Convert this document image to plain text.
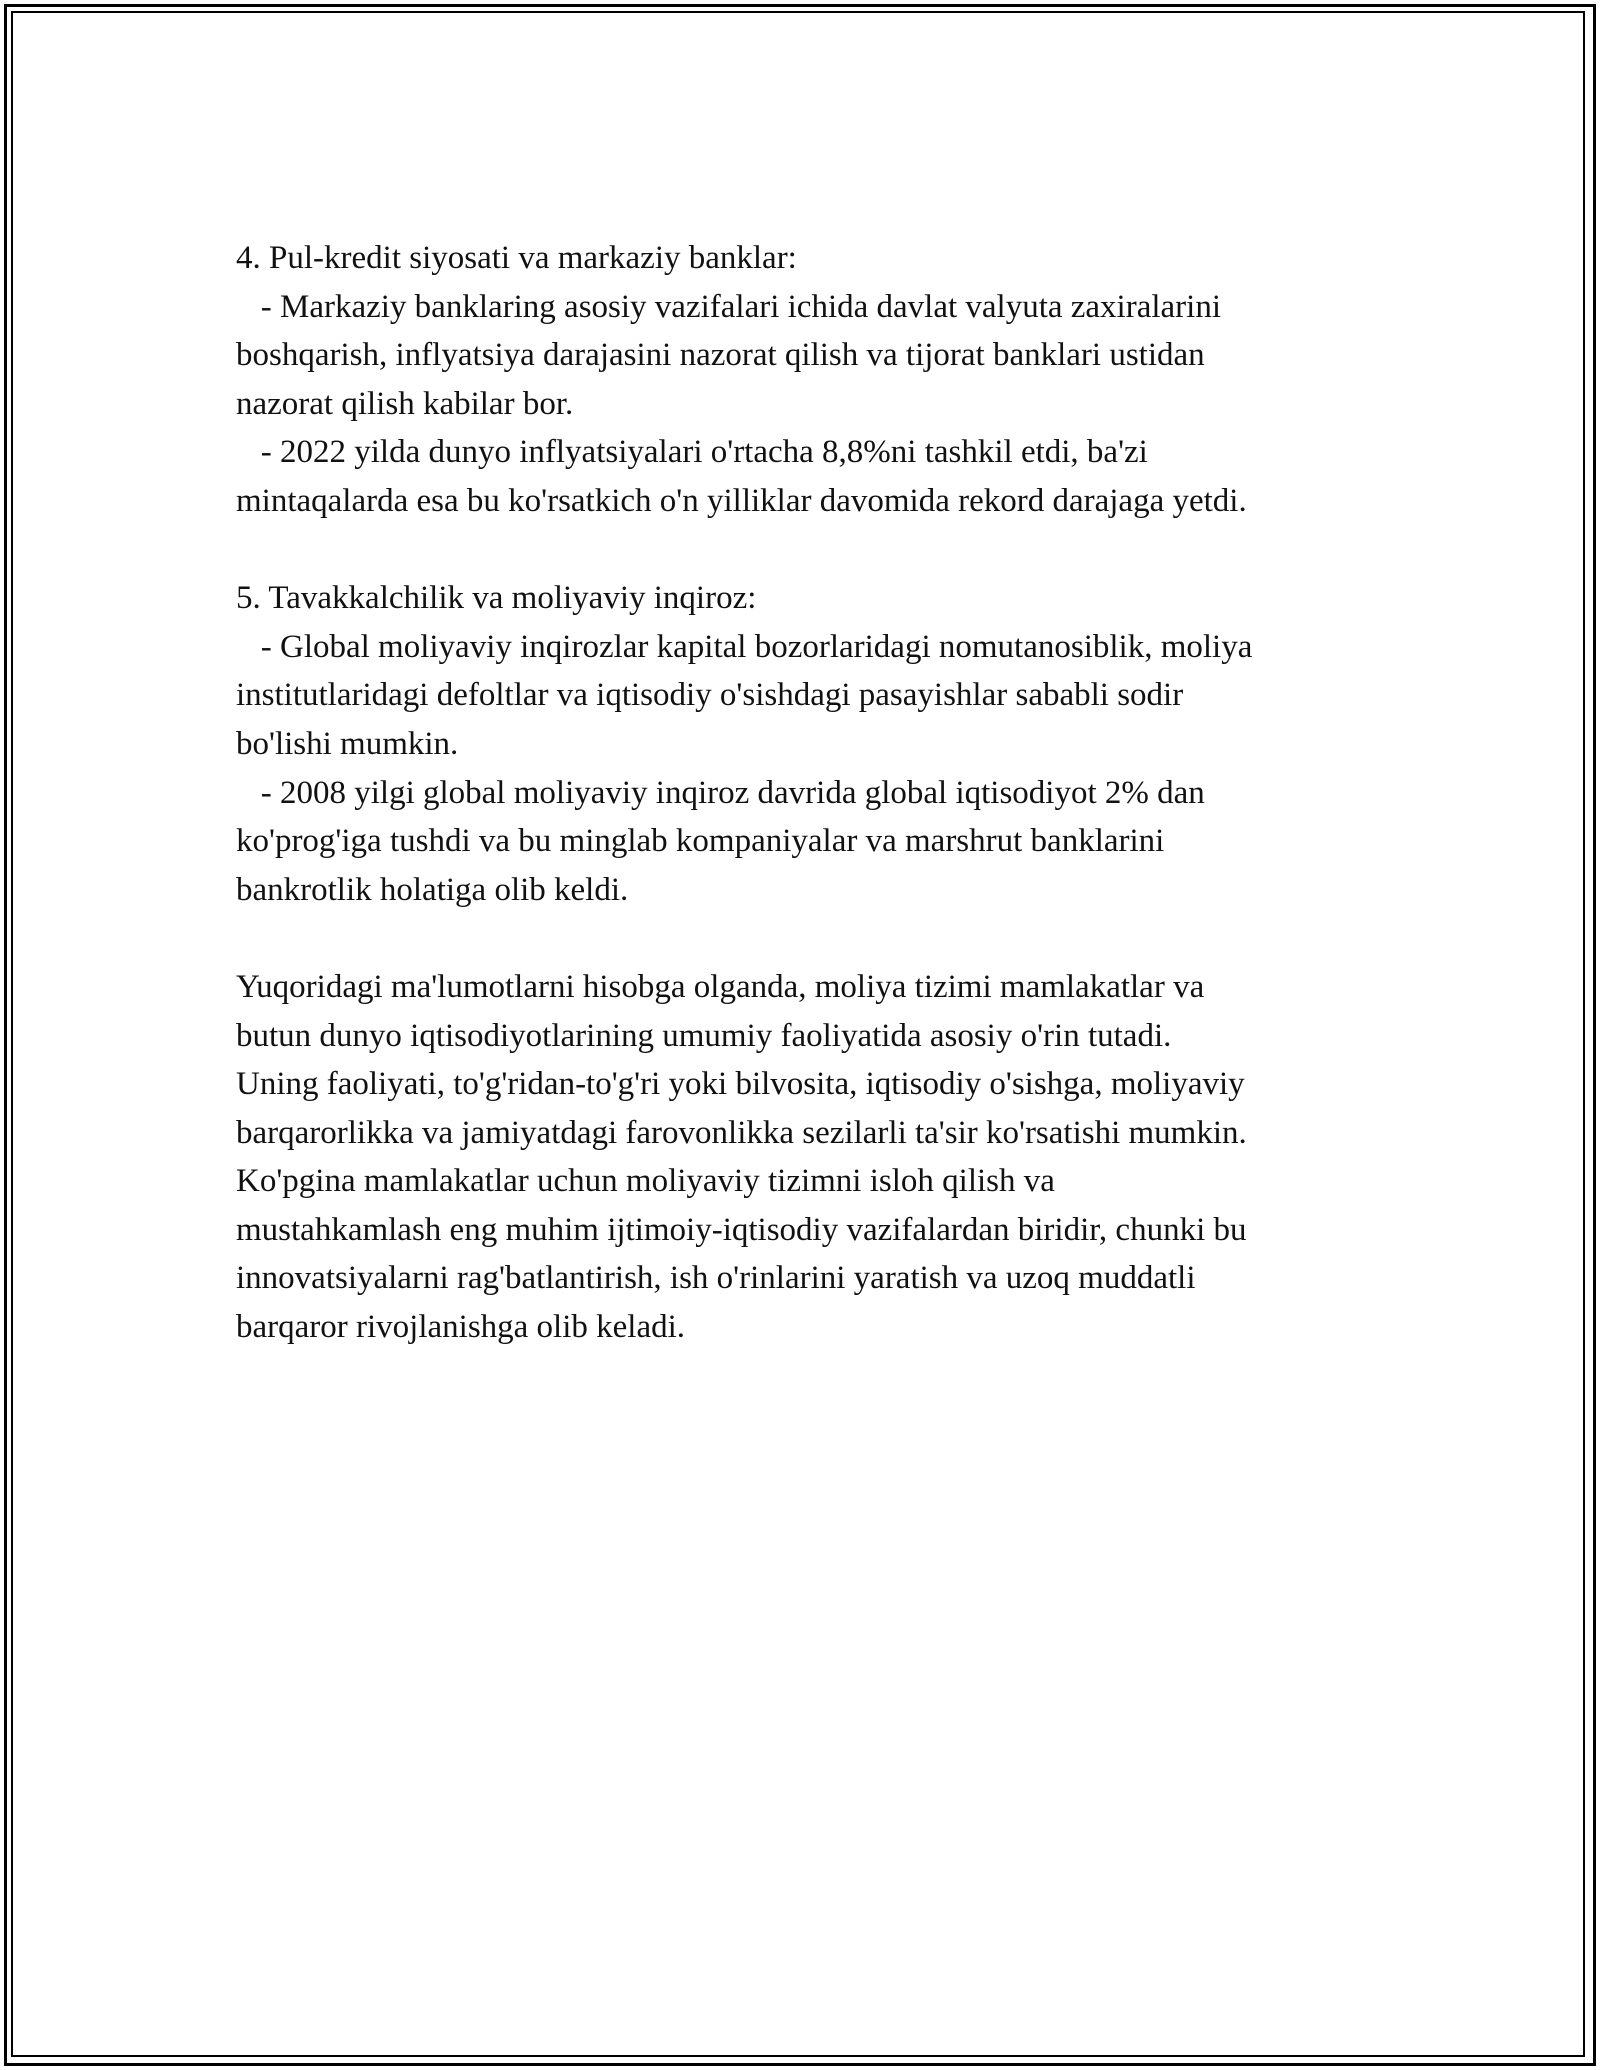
4. Pul-kredit siyosati va markaziy banklar:
- Markaziy banklaring asosiy vazifalari ichida davlat valyuta zaxiralarini
boshqarish, inflyatsiya darajasini nazorat qilish va tijorat banklari ustidan
nazorat qilish kabilar bor.
- 2022 yilda dunyo inflyatsiyalari o'rtacha 8,8%ni tashkil etdi, ba'zi
mintaqalarda esa bu ko'rsatkich o'n yilliklar davomida rekord darajaga yetdi.
5. Tavakkalchilik va moliyaviy inqiroz:
- Global moliyaviy inqirozlar kapital bozorlaridagi nomutanosiblik, moliya
institutlaridagi defoltlar va iqtisodiy o'sishdagi pasayishlar sababli sodir
bo'lishi mumkin.
- 2008 yilgi global moliyaviy inqiroz davrida global iqtisodiyot 2% dan
ko'prog'iga tushdi va bu minglab kompaniyalar va marshrut banklarini
bankrotlik holatiga olib keldi.
Yuqoridagi ma'lumotlarni hisobga olganda, moliya tizimi mamlakatlar va
butun dunyo iqtisodiyotlarining umumiy faoliyatida asosiy o'rin tutadi.
Uning faoliyati, to'g'ridan-to'g'ri yoki bilvosita, iqtisodiy o'sishga, moliyaviy
barqarorlikka va jamiyatdagi farovonlikka sezilarli ta'sir ko'rsatishi mumkin.
Ko'pgina mamlakatlar uchun moliyaviy tizimni isloh qilish va
mustahkamlash eng muhim ijtimoiy-iqtisodiy vazifalardan biridir, chunki bu
innovatsiyalarni rag'batlantirish, ish o'rinlarini yaratish va uzoq muddatli
barqaror rivojlanishga olib keladi.
